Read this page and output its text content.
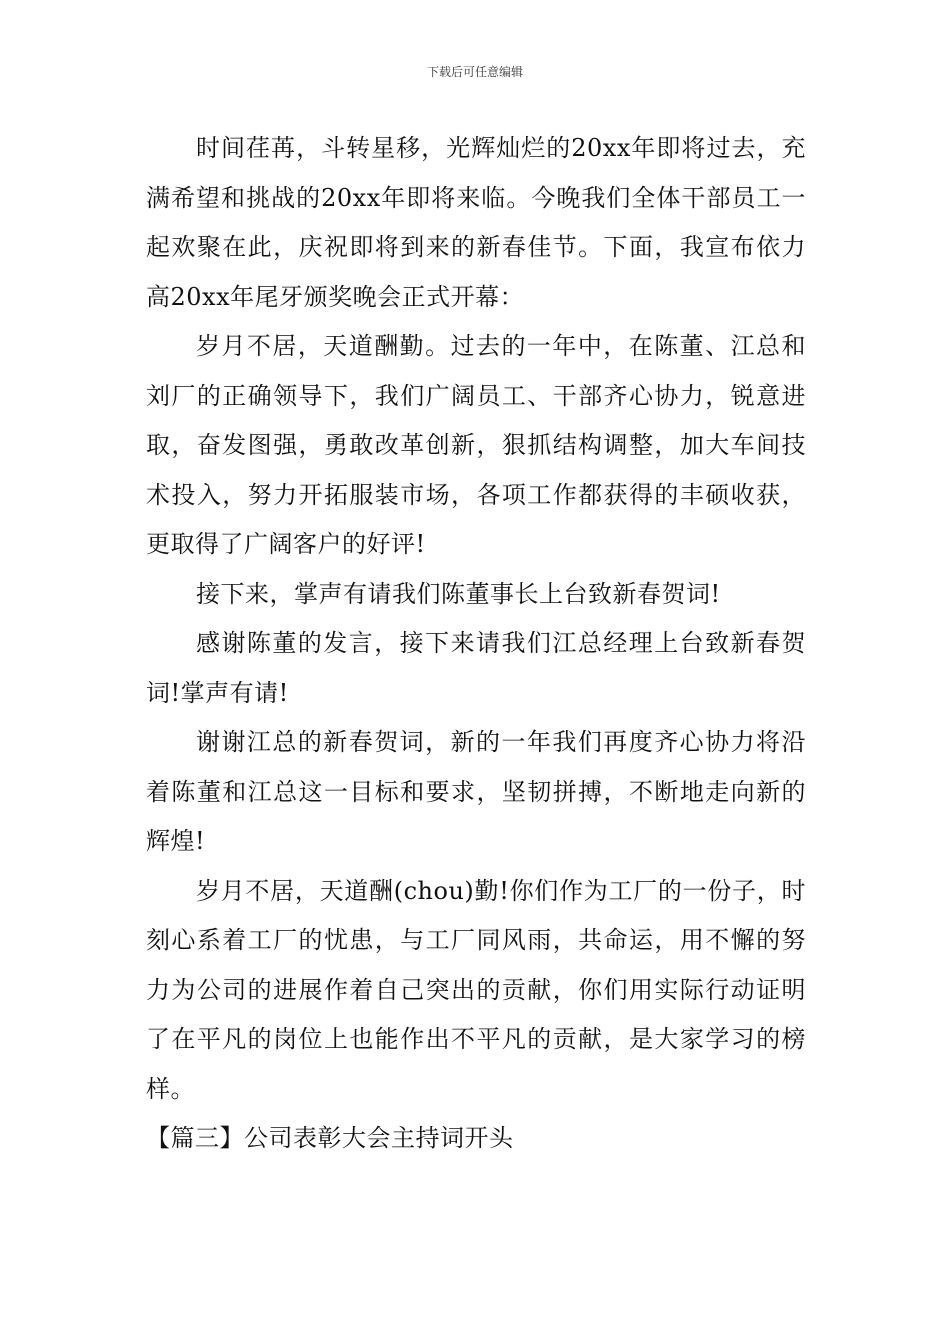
下载后可任意编辑

时间荏苒，斗转星移，光辉灿烂的20xx年即将过去，充满希望和挑战的20xx年即将来临。今晚我们全体干部员工一起欢聚在此，庆祝即将到来的新春佳节。下面，我宣布依力高20xx年尾牙颁奖晚会正式开幕：

岁月不居，天道酬勤。过去的一年中，在陈董、江总和刘厂的正确领导下，我们广阔员工、干部齐心协力，锐意进取，奋发图强，勇敢改革创新，狠抓结构调整，加大车间技术投入，努力开拓服装市场，各项工作都获得的丰硕收获，更取得了广阔客户的好评!

接下来，掌声有请我们陈董事长上台致新春贺词!

感谢陈董的发言，接下来请我们江总经理上台致新春贺词!掌声有请!

谢谢江总的新春贺词，新的一年我们再度齐心协力将沿着陈董和江总这一目标和要求，坚韧拼搏，不断地走向新的辉煌!

岁月不居，天道酬(chou)勤!你们作为工厂的一份子，时刻心系着工厂的忧患，与工厂同风雨，共命运，用不懈的努力为公司的进展作着自己突出的贡献，你们用实际行动证明了在平凡的岗位上也能作出不平凡的贡献，是大家学习的榜样。

【篇三】公司表彰大会主持词开头
